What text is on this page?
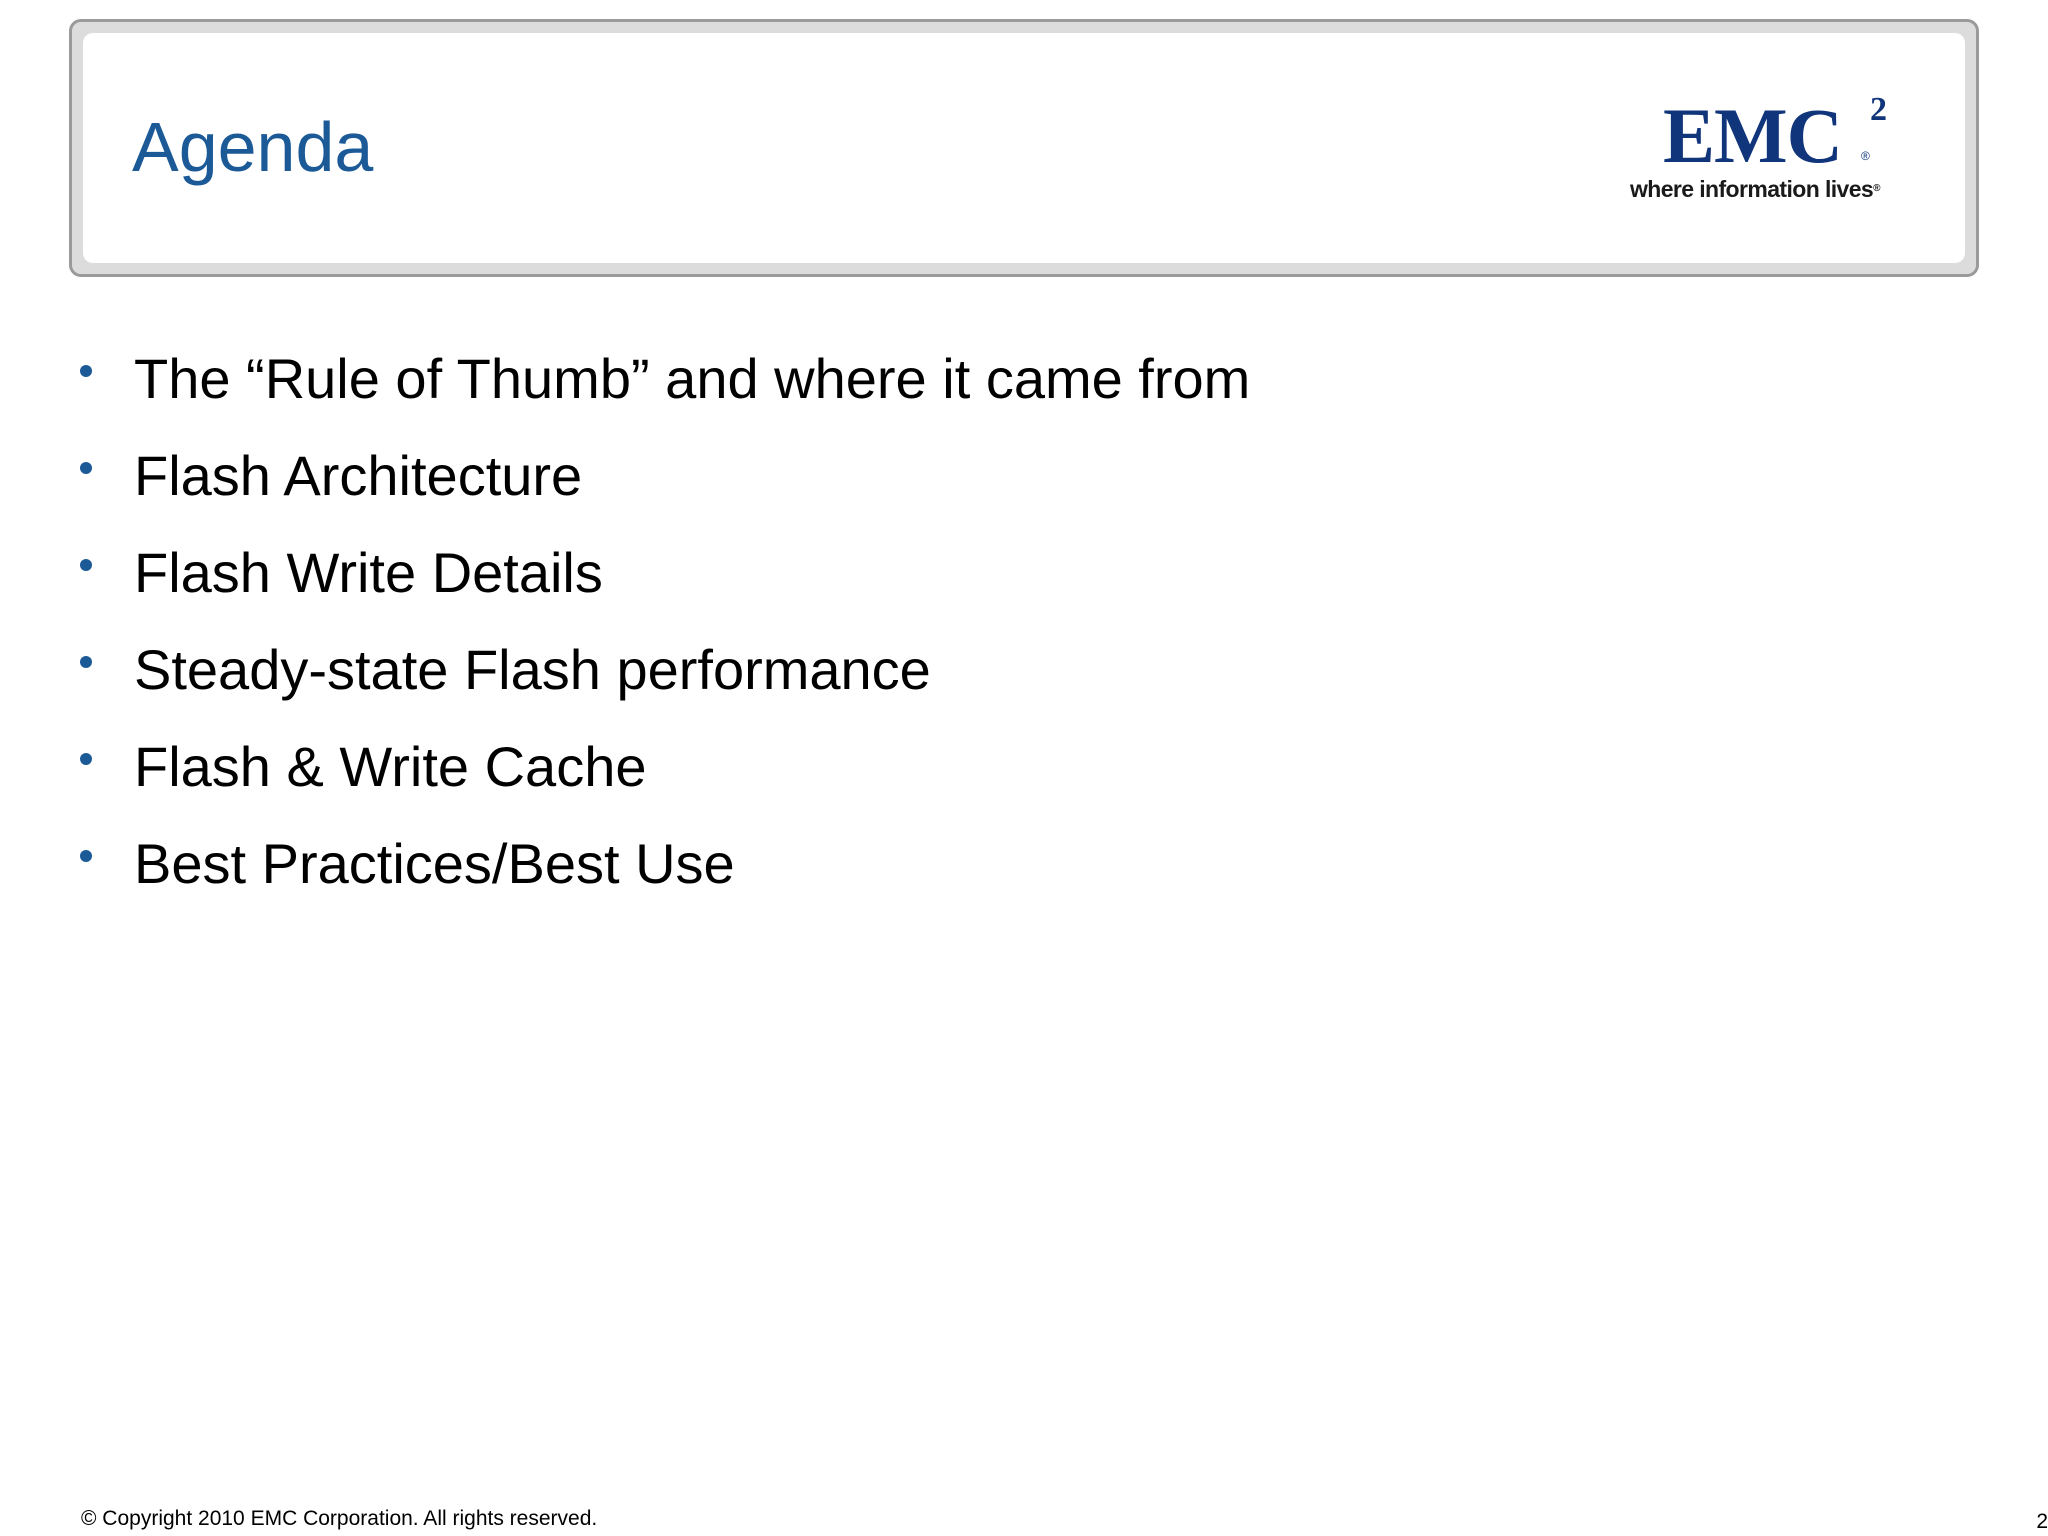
Agenda	EMC 2
®
where information lives®
The “Rule of Thumb” and where it came from
Flash Architecture
Flash Write Details
Steady-state Flash performance
Flash & Write Cache
Best Practices/Best Use
© Copyright 2010 EMC Corporation. All rights reserved.	2
